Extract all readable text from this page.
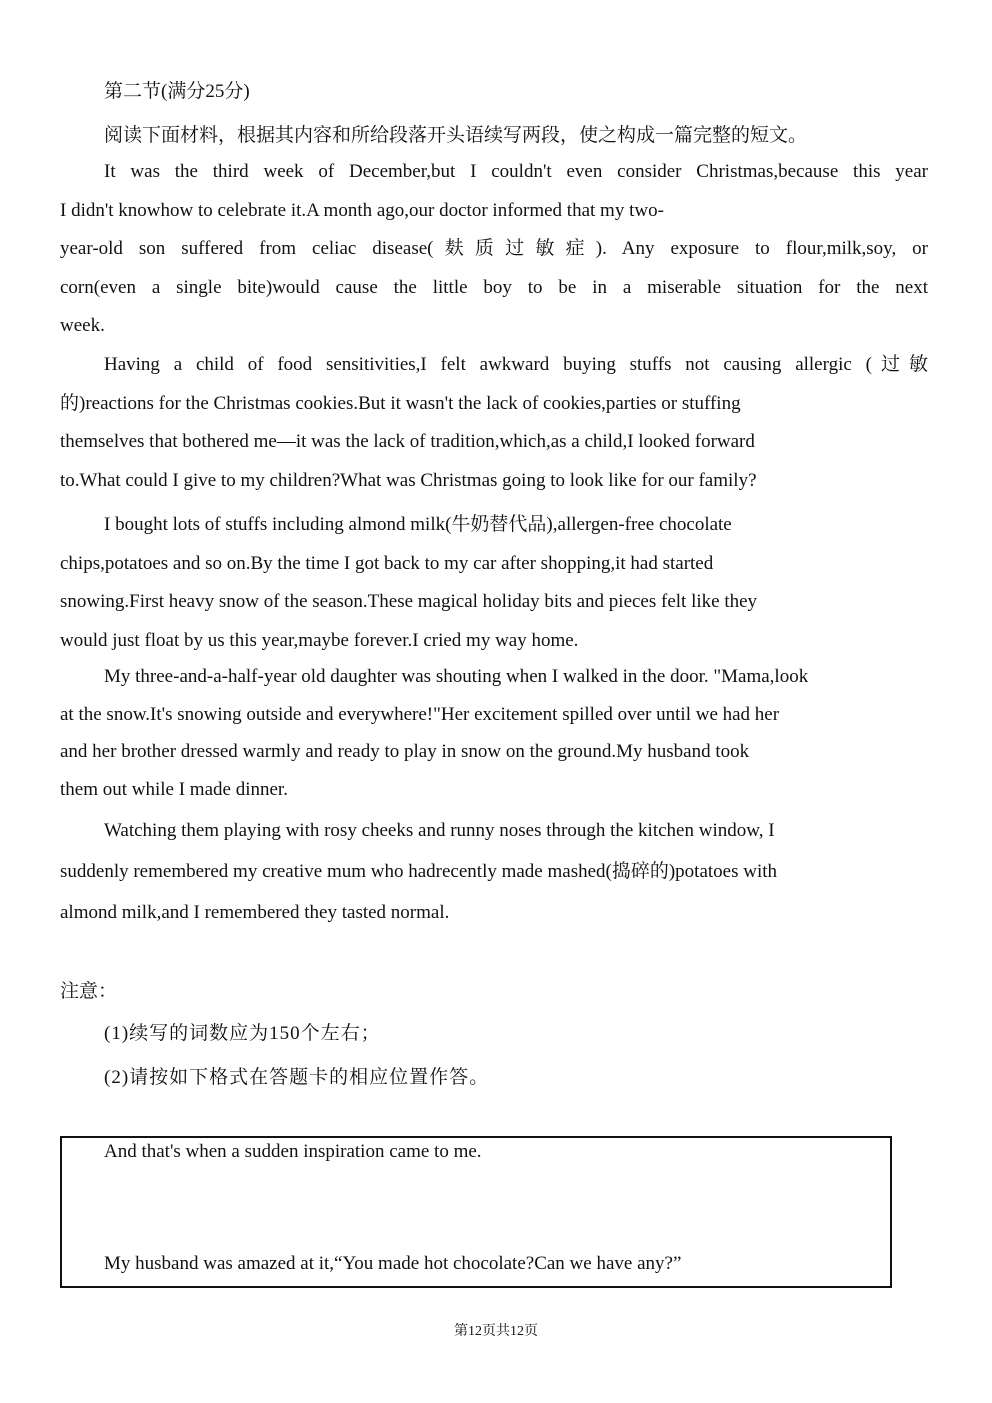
第二节(满分25分)
阅读下面材料，根据其内容和所给段落开头语续写两段，使之构成一篇完整的短文。
It was the third week of December,but I couldn't even consider Christmas,because this year
I didn't knowhow to celebrate it.A month ago,our doctor informed that my two-
year-old son suffered from celiac disease(麸质过敏症). Any exposure to flour,milk,soy, or
corn(even a single bite)would cause the little boy to be in a miserable situation for the next
week.
Having a child of food sensitivities,I felt awkward buying stuffs not causing allergic (过敏
的)reactions for the Christmas cookies.But it wasn't the lack of cookies,parties or stuffing
themselves that bothered me—it was the lack of tradition,which,as a child,I looked forward
to.What could I give to my children?What was Christmas going to look like for our family?
I bought lots of stuffs including almond milk(牛奶替代品),allergen-free chocolate
chips,potatoes and so on.By the time I got back to my car after shopping,it had started
snowing.First heavy snow of the season.These magical holiday bits and pieces felt like they
would just float by us this year,maybe forever.I cried my way home.
My three-and-a-half-year old daughter was shouting when I walked in the door. "Mama,look
at the snow.It's snowing outside and everywhere!"Her excitement spilled over until we had her
and her brother dressed warmly and ready to play in snow on the ground.My husband took
them out while I made dinner.
Watching them playing with rosy cheeks and runny noses through the kitchen window, I
suddenly remembered my creative mum who hadrecently made mashed(捣碎的)potatoes with
almond milk,and I remembered they tasted normal.
注意：
(1)续写的词数应为150个左右；
(2)请按如下格式在答题卡的相应位置作答。
And that's when a sudden inspiration came to me.
My husband was amazed at it,“You made hot chocolate?Can we have any?”
第12页共12页
